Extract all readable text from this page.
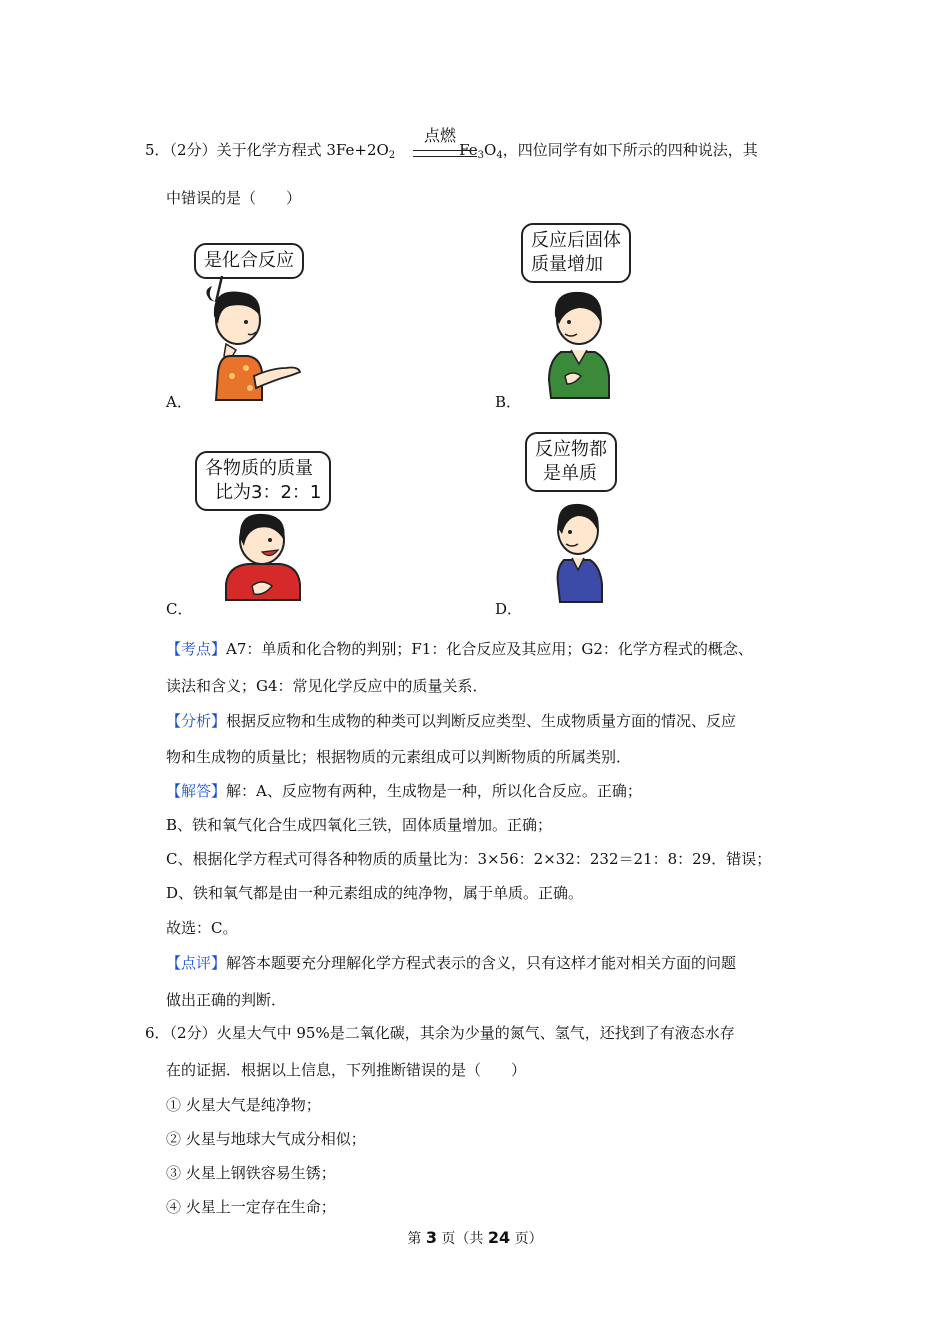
5．（2分）关于化学方程式 $3Fe+2O_2$	$Fe_3O_4$，四位同学有如下所示的四种说法，其
点燃
中错误的是（　　）
是化合反应
A．
反应后固体
质量增加
B．
各物质的质量
比为3：2：1
C．
反应物都
是单质
D．
【考点】A7：单质和化合物的判别；F1：化合反应及其应用；G2：化学方程式的概念、
读法和含义；G4：常见化学反应中的质量关系．
【分析】根据反应物和生成物的种类可以判断反应类型、生成物质量方面的情况、反应
物和生成物的质量比；根据物质的元素组成可以判断物质的所属类别．
【解答】解：A、反应物有两种，生成物是一种，所以化合反应。正确；
B、铁和氧气化合生成四氧化三铁，固体质量增加。正确；
C、根据化学方程式可得各种物质的质量比为：3×56：2×32：232＝21：8：29．错误；
D、铁和氧气都是由一种元素组成的纯净物，属于单质。正确。
故选：C。
【点评】解答本题要充分理解化学方程式表示的含义，只有这样才能对相关方面的问题
做出正确的判断．
6．（2分）火星大气中 95%是二氧化碳，其余为少量的氮气、氢气，还找到了有液态水存
在的证据．根据以上信息，下列推断错误的是（　　）
① 火星大气是纯净物；
② 火星与地球大气成分相似；
③ 火星上钢铁容易生锈；
④ 火星上一定存在生命；
第 3 页（共 24 页）
